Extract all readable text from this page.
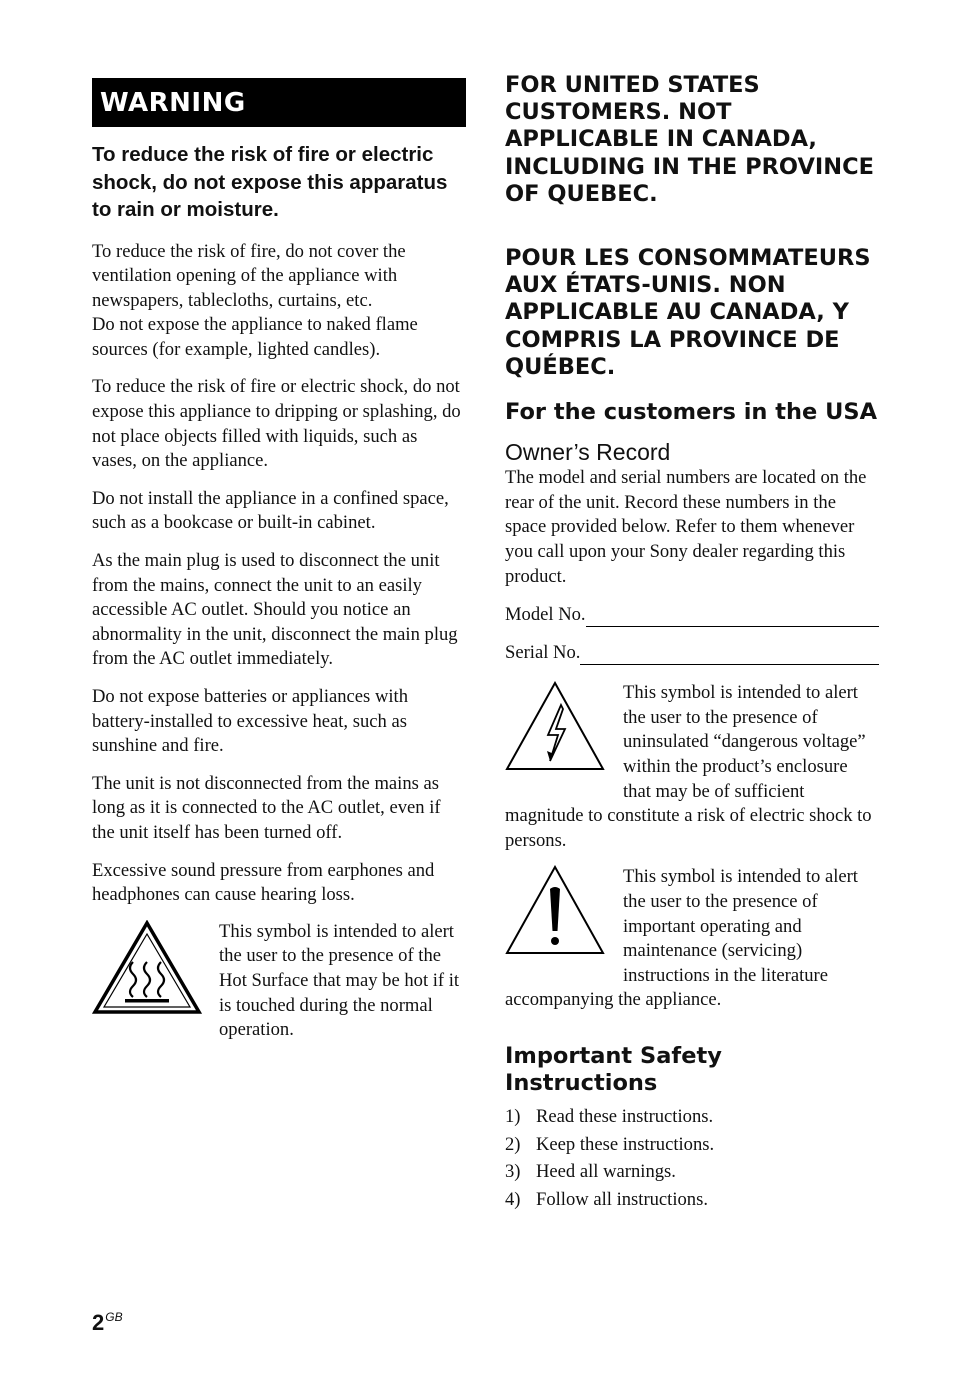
WARNING

To reduce the risk of fire or electric shock, do not expose this apparatus to rain or moisture.

To reduce the risk of fire, do not cover the ventilation opening of the appliance with newspapers, tablecloths, curtains, etc.
Do not expose the appliance to naked flame sources (for example, lighted candles).

To reduce the risk of fire or electric shock, do not expose this appliance to dripping or splashing, do not place objects filled with liquids, such as vases, on the appliance.

Do not install the appliance in a confined space, such as a bookcase or built-in cabinet.

As the main plug is used to disconnect the unit from the mains, connect the unit to an easily accessible AC outlet. Should you notice an abnormality in the unit, disconnect the main plug from the AC outlet immediately.

Do not expose batteries or appliances with battery-installed to excessive heat, such as sunshine and fire.

The unit is not disconnected from the mains as long as it is connected to the AC outlet, even if the unit itself has been turned off.

Excessive sound pressure from earphones and headphones can cause hearing loss.

This symbol is intended to alert the user to the presence of the Hot Surface that may be hot if it is touched during the normal operation.

FOR UNITED STATES CUSTOMERS. NOT APPLICABLE IN CANADA, INCLUDING IN THE PROVINCE OF QUEBEC.

POUR LES CONSOMMATEURS AUX ÉTATS-UNIS. NON APPLICABLE AU CANADA, Y COMPRIS LA PROVINCE DE QUÉBEC.

For the customers in the USA

Owner’s Record

The model and serial numbers are located on the rear of the unit. Record these numbers in the space provided below. Refer to them whenever you call upon your Sony dealer regarding this product.

Model No.
Serial No.

This symbol is intended to alert the user to the presence of uninsulated “dangerous voltage” within the product’s enclosure that may be of sufficient magnitude to constitute a risk of electric shock to persons.

This symbol is intended to alert the user to the presence of important operating and maintenance (servicing) instructions in the literature accompanying the appliance.

Important Safety Instructions

1) Read these instructions.
2) Keep these instructions.
3) Heed all warnings.
4) Follow all instructions.
$2^{GB}$
